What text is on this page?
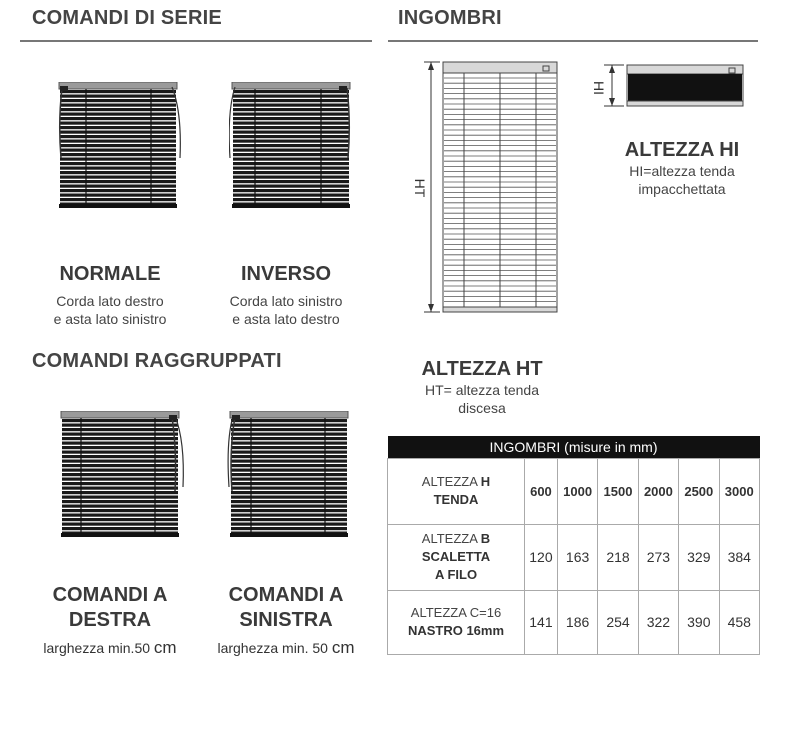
COMANDI DI SERIE
NORMALE
Corda lato destro
e asta lato sinistro
INVERSO
Corda lato sinistro
e asta lato destro
COMANDI RAGGRUPPATI
COMANDI A
DESTRA
larghezza min.50 cm
COMANDI A
SINISTRA
larghezza min. 50 cm
INGOMBRI
HT
HI
ALTEZZA HI
HI=altezza tenda
impacchettata
ALTEZZA HT
HT= altezza tenda
discesa
INGOMBRI (misure in mm)						
ALTEZZA H
TENDA	600	1000	1500	2000	2500	3000
ALTEZZA B
SCALETTA
A FILO	120	163	218	273	329	384
ALTEZZA C=16
NASTRO 16mm	141	186	254	322	390	458
